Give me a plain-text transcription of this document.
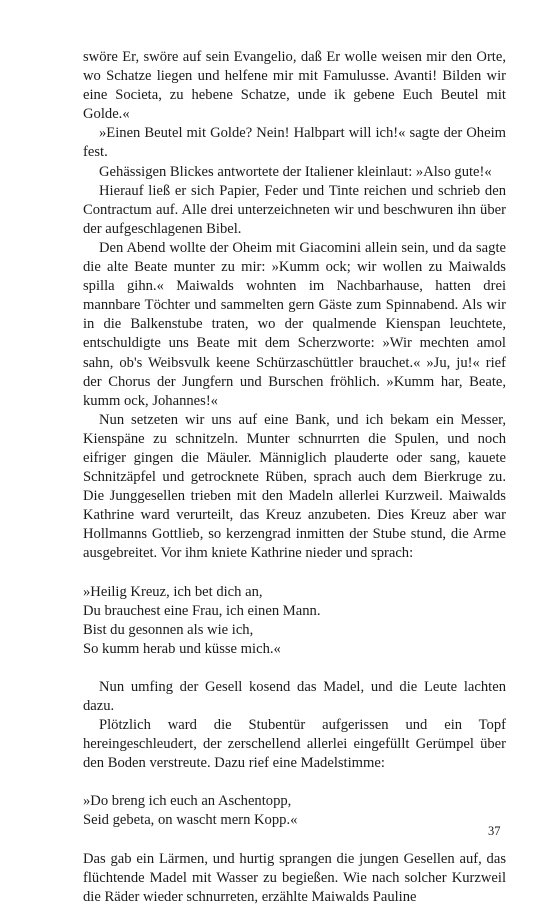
swöre Er, swöre auf sein Evangelio, daß Er wolle weisen mir den Orte, wo Schatze liegen und helfene mir mit Famulusse. Avanti! Bilden wir eine Societa, zu hebene Schatze, unde ik gebene Euch Beutel mit Golde.«

»Einen Beutel mit Golde? Nein! Halbpart will ich!« sagte der Oheim fest.

Gehässigen Blickes antwortete der Italiener kleinlaut: »Also gute!«

Hierauf ließ er sich Papier, Feder und Tinte reichen und schrieb den Contractum auf. Alle drei unterzeichneten wir und beschwuren ihn über der aufgeschlagenen Bibel.

Den Abend wollte der Oheim mit Giacomini allein sein, und da sagte die alte Beate munter zu mir: »Kumm ock; wir wollen zu Maiwalds spilla gihn.« Maiwalds wohnten im Nachbarhause, hatten drei mannbare Töchter und sammelten gern Gäste zum Spinnabend. Als wir in die Balkenstube traten, wo der qualmende Kienspan leuchtete, entschuldigte uns Beate mit dem Scherzworte: »Wir mechten amol sahn, ob's Weibsvulk keene Schürzaschüttler brauchet.« »Ju, ju!« rief der Chorus der Jungfern und Burschen fröhlich. »Kumm har, Beate, kumm ock, Johannes!«

Nun setzeten wir uns auf eine Bank, und ich bekam ein Messer, Kienspäne zu schnitzeln. Munter schnurrten die Spulen, und noch eifriger gingen die Mäuler. Männiglich plauderte oder sang, kauete Schnitzäpfel und getrocknete Rüben, sprach auch dem Bierkruge zu. Die Junggesellen trieben mit den Madeln allerlei Kurzweil. Maiwalds Kathrine ward verurteilt, das Kreuz anzubeten. Dies Kreuz aber war Hollmanns Gottlieb, so kerzengrad inmitten der Stube stund, die Arme ausgebreitet. Vor ihm kniete Kathrine nieder und sprach:

»Heilig Kreuz, ich bet dich an,
Du brauchest eine Frau, ich einen Mann.
Bist du gesonnen als wie ich,
So kumm herab und küsse mich.«

Nun umfing der Gesell kosend das Madel, und die Leute lachten dazu.

Plötzlich ward die Stubentür aufgerissen und ein Topf hereingeschleudert, der zerschellend allerlei eingefüllt Gerümpel über den Boden verstreute. Dazu rief eine Madelstimme:

»Do breng ich euch an Aschentopp,
Seid gebeta, on wascht mern Kopp.«

Das gab ein Lärmen, und hurtig sprangen die jungen Gesellen auf, das flüchtende Madel mit Wasser zu begießen. Wie nach solcher Kurzweil die Räder wieder schnurreten, erzählte Maiwalds Pauline

37
